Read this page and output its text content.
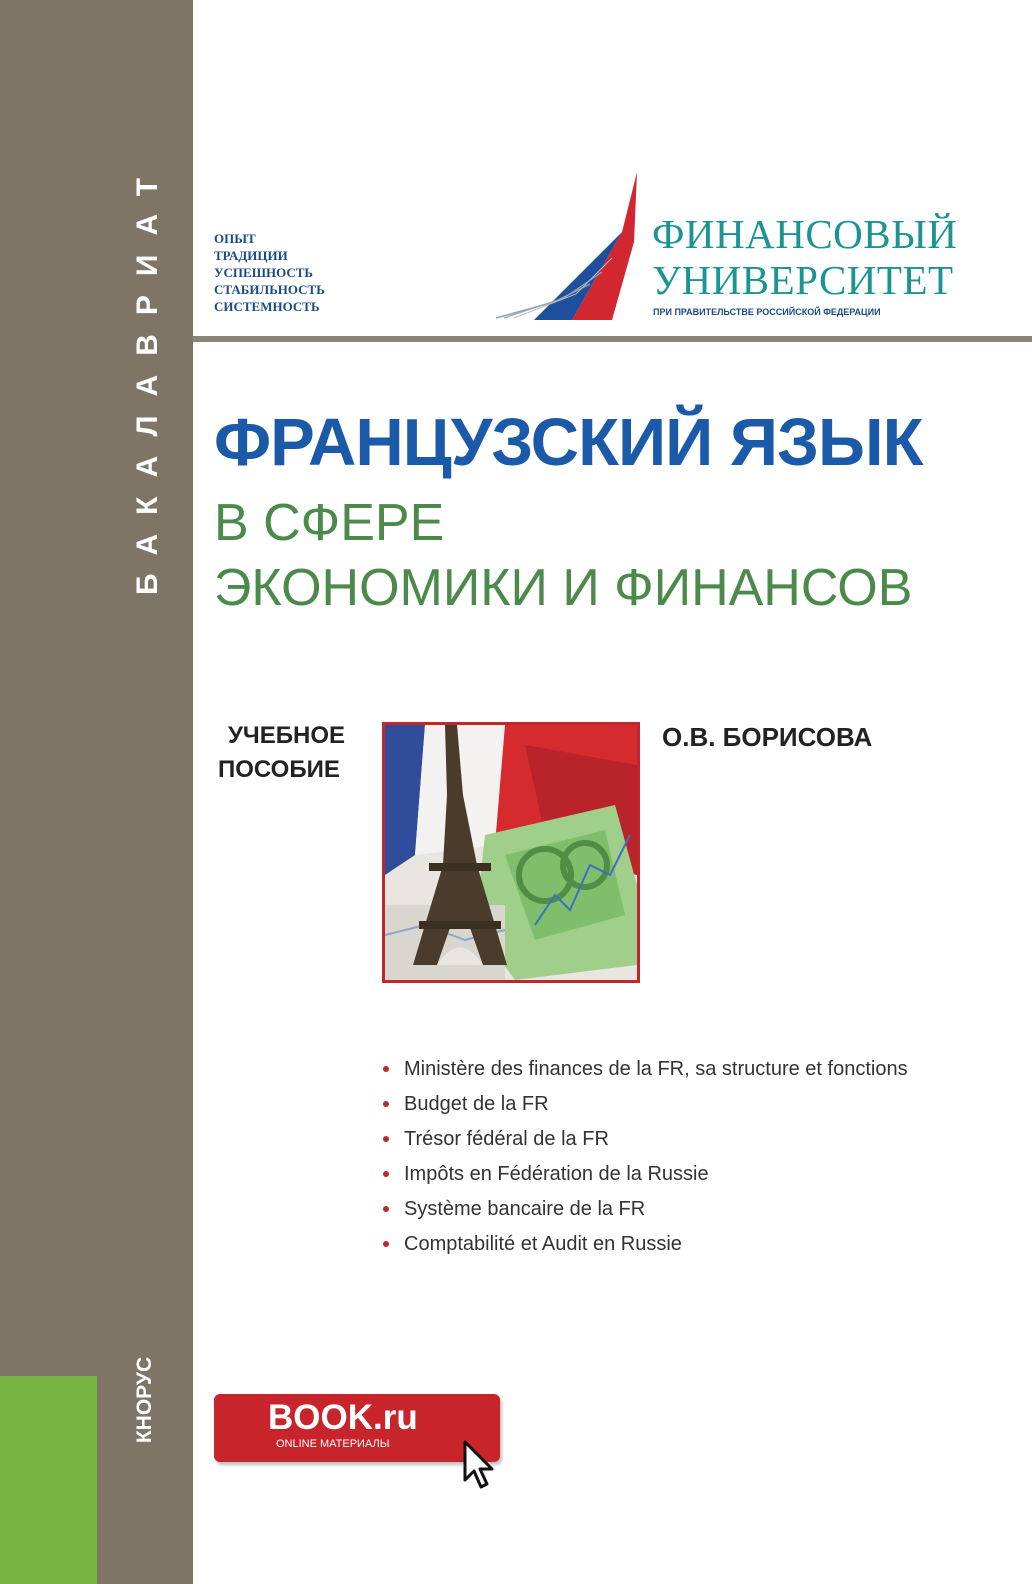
БАКАЛАВРИАТ
КНОРУС
ОПЫТ
ТРАДИЦИИ
УСПЕШНОСТЬ
СТАБИЛЬНОСТЬ
СИСТЕМНОСТЬ
ФИНАНСОВЫЙ
УНИВЕРСИТЕТ
ПРИ ПРАВИТЕЛЬСТВЕ РОССИЙСКОЙ ФЕДЕРАЦИИ
ФРАНЦУЗСКИЙ ЯЗЫК
В СФЕРЕ
ЭКОНОМИКИ И ФИНАНСОВ
УЧЕБНОЕ
ПОСОБИЕ
О.В. БОРИСОВА
Ministère des finances de la FR, sa structure et fonctions
Budget de la FR
Trésor fédéral de la FR
Impôts en Fédération de la Russie
Système bancaire de la FR
Comptabilité et Audit en Russie
BOOK.ru
ONLINE МАТЕРИАЛЫ
